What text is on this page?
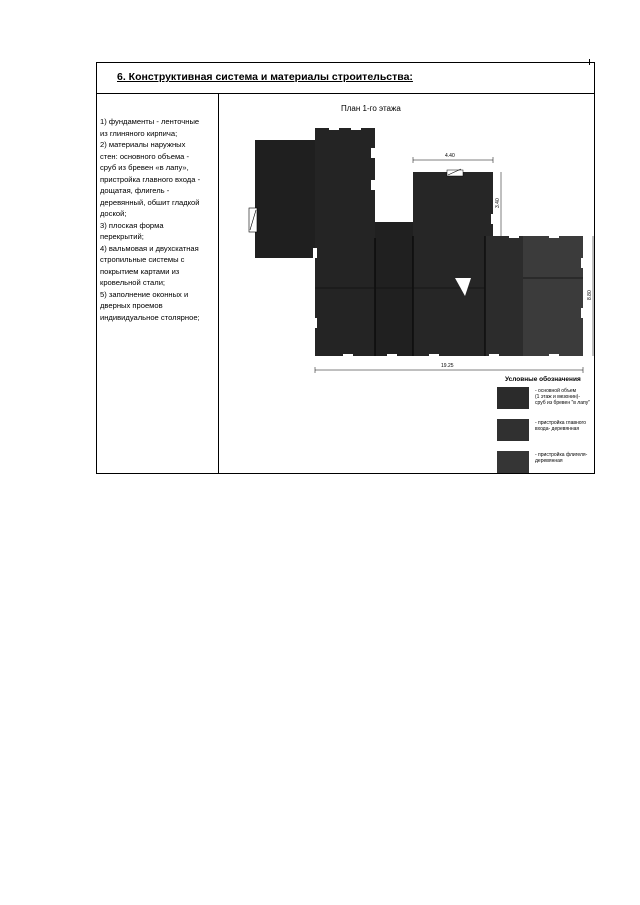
6. Конструктивная система и материалы строительства:
1) фундаменты - ленточные
из глиняного кирпича;
2) материалы наружных
стен: основного объема -
сруб из бревен «в лапу»,
пристройка главного входа -
дощатая, флигель -
деревянный, обшит гладкой
доской;
3) плоская форма
перекрытий;
4) вальмовая и двухскатная
стропильные системы с
покрытием картами из
кровельной стали;
5) заполнение оконных и
дверных проемов
индивидуальное столярное;
План 1-го этажа
4.40
3.40
8.80
19.25
Условные обозначения
- основной объем
(1 этаж и мезонин)-
сруб из бревен "в лапу"
- пристройка главного
входа- деревянная
- пристройка флигеля-
деревянная
